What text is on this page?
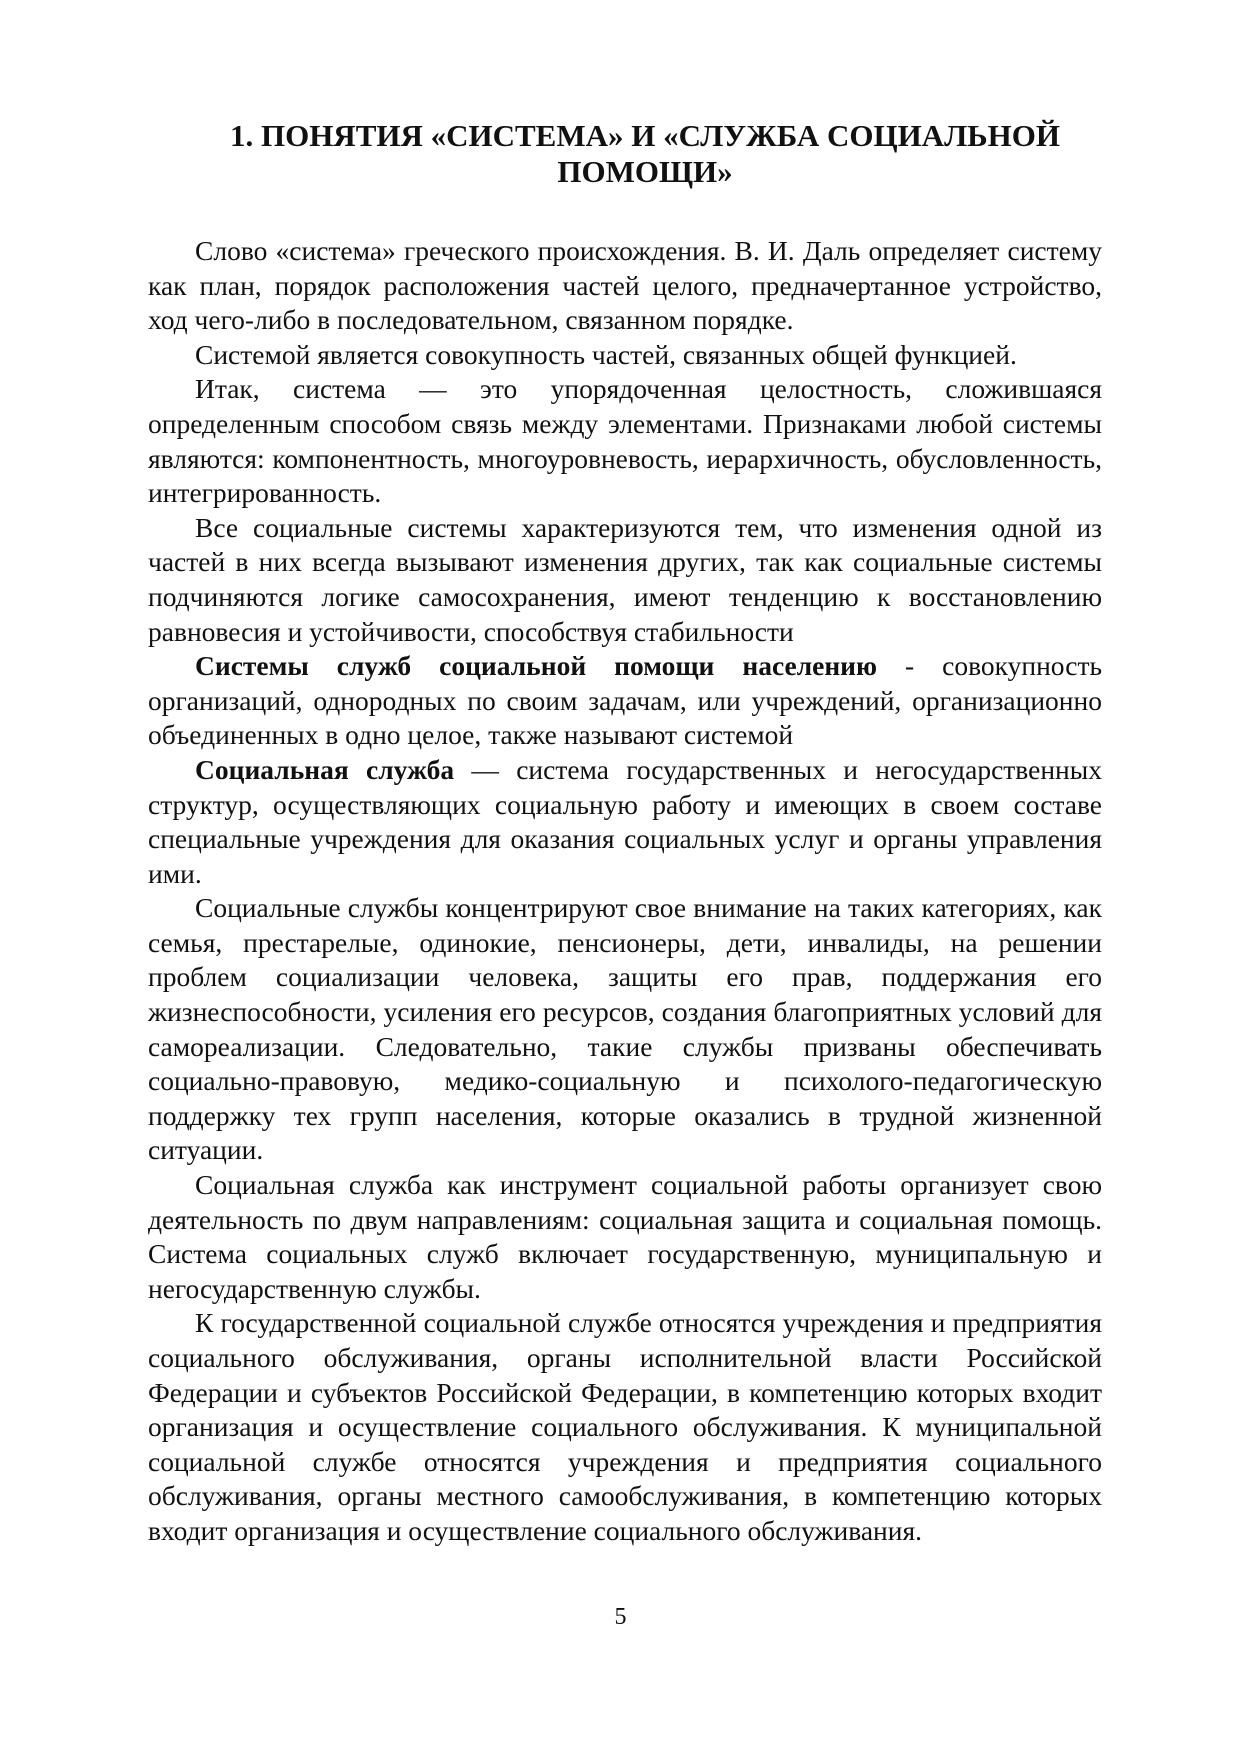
1. ПОНЯТИЯ «СИСТЕМА» И «СЛУЖБА СОЦИАЛЬНОЙ
ПОМОЩИ»

Слово «система» греческого происхождения. В. И. Даль определяет систему как план, порядок расположения частей целого, предначертанное устройство, ход чего-либо в последовательном, связанном порядке.

Системой является совокупность частей, связанных общей функцией.

Итак, система — это упорядоченная целостность, сложившаяся определенным способом связь между элементами. Признаками любой системы являются: компонентность, многоуровневость, иерархичность, обусловленность, интегрированность.

Все социальные системы характеризуются тем, что изменения одной из частей в них всегда вызывают изменения других, так как социальные системы подчиняются логике самосохранения, имеют тенденцию к восстановлению равновесия и устойчивости, способствуя стабильности

Системы служб социальной помощи населению - совокупность организаций, однородных по своим задачам, или учреждений, организационно объединенных в одно целое, также называют системой

Социальная служба — система государственных и негосударственных структур, осуществляющих социальную работу и имеющих в своем составе специальные учреждения для оказания социальных услуг и органы управления ими.

Социальные службы концентрируют свое внимание на таких категориях, как семья, престарелые, одинокие, пенсионеры, дети, инвалиды, на решении проблем социализации человека, защиты его прав, поддержания его жизнеспособности, усиления его ресурсов, создания благоприятных условий для самореализации. Следовательно, такие службы призваны обеспечивать социально-правовую, медико-социальную и психолого-педагогическую поддержку тех групп населения, которые оказались в трудной жизненной ситуации.

Социальная служба как инструмент социальной работы организует свою деятельность по двум направлениям: социальная защита и социальная помощь. Система социальных служб включает государственную, муниципальную и негосударственную службы.

К государственной социальной службе относятся учреждения и предприятия социального обслуживания, органы исполнительной власти Российской Федерации и субъектов Российской Федерации, в компетенцию которых входит организация и осуществление социального обслуживания. К муниципальной социальной службе относятся учреждения и предприятия социального обслуживания, органы местного самообслуживания, в компетенцию которых входит организация и осуществление социального обслуживания.

5
